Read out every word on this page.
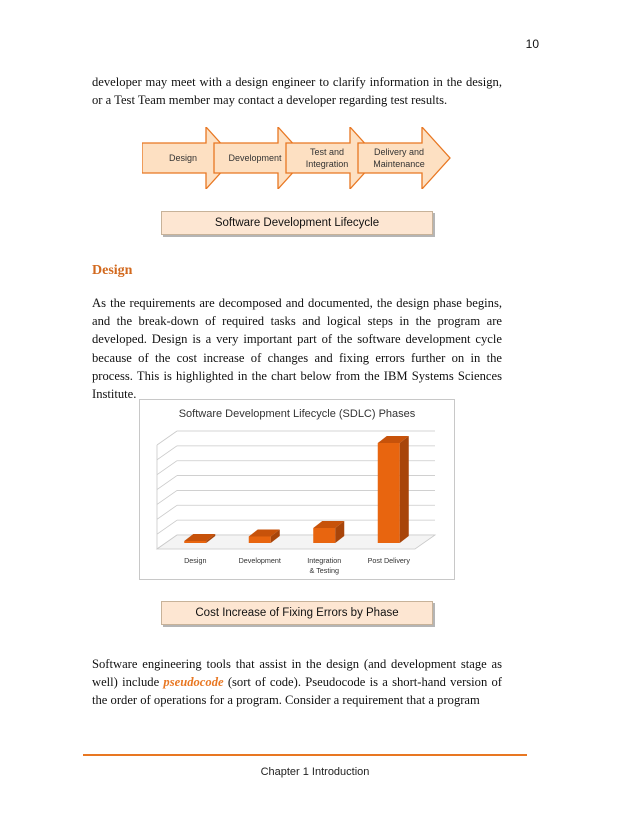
10

developer may meet with a design engineer to clarify information in the design, or a Test Team member may contact a developer regarding test results.

Design	Development
Test and Integration
Delivery and Maintenance
Software Development Lifecycle
Design

As the requirements are decomposed and documented, the design phase begins, and the break-down of required tasks and logical steps in the program are developed. Design is a very important part of the software development cycle because of the cost increase of changes and fixing errors further on in the process. This is highlighted in the chart below from the IBM Systems Sciences Institute.

Software Development Lifecycle (SDLC) Phases
Design	Development	Integration & Testing
Post Delivery
Cost Increase of Fixing Errors by Phase

Software engineering tools that assist in the design (and development stage as well) include pseudocode (sort of code). Pseudocode is a short-hand version of the order of operations for a program. Consider a requirement that a program

Chapter 1 Introduction
